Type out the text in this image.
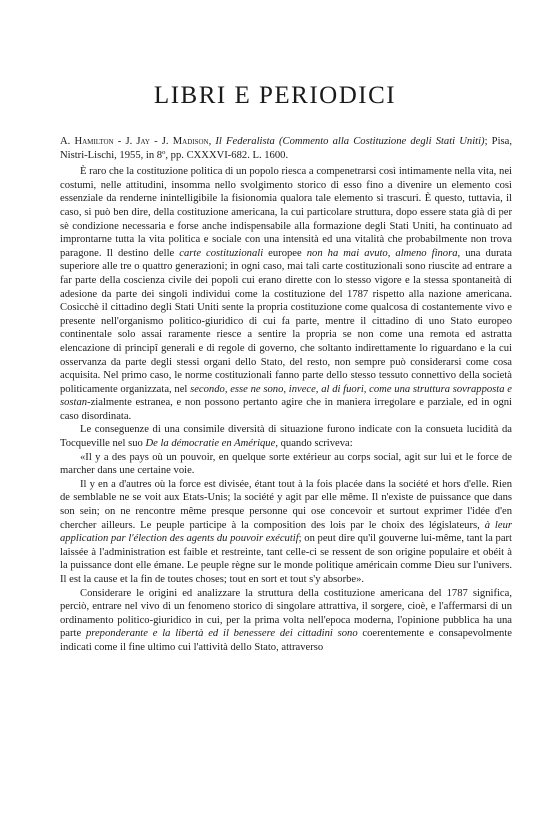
LIBRI E PERIODICI

A. Hamilton - J. Jay - J. Madison, Il Federalista (Commento alla Costituzione degli Stati Uniti); Pisa, Nistri-Lischi, 1955, in 8º, pp. CXXXVI-682. L. 1600.

È raro che la costituzione politica di un popolo riesca a compenetrarsi così intimamente nella vita, nei costumi, nelle attitudini, insomma nello svolgimento storico di esso fino a divenire un elemento così essenziale da renderne inintelligibile la fisionomia qualora tale elemento si trascuri. È questo, tuttavia, il caso, si può ben dire, della costituzione americana, la cui particolare struttura, dopo essere stata già di per sè condizione necessaria e forse anche indispensabile alla formazione degli Stati Uniti, ha continuato ad improntarne tutta la vita politica e sociale con una intensità ed una vitalità che probabilmente non trova paragone. Il destino delle carte costituzionali europee non ha mai avuto, almeno finora, una durata superiore alle tre o quattro generazioni; in ogni caso, mai tali carte costituzionali sono riuscite ad entrare a far parte della coscienza civile dei popoli cui erano dirette con lo stesso vigore e la stessa spontaneità di adesione da parte dei singoli individui come la costituzione del 1787 rispetto alla nazione americana. Cosicchè il cittadino degli Stati Uniti sente la propria costituzione come qualcosa di costantemente vivo e presente nell'organismo politico-giuridico di cui fa parte, mentre il cittadino di uno Stato europeo continentale solo assai raramente riesce a sentire la propria se non come una remota ed astratta elencazione di principî generali e di regole di governo, che soltanto indirettamente lo riguardano e la cui osservanza da parte degli stessi organi dello Stato, del resto, non sempre può considerarsi come cosa acquisita. Nel primo caso, le norme costituzionali fanno parte dello stesso tessuto connettivo della società politicamente organizzata, nel secondo, esse ne sono, invece, al di fuori, come una struttura sovrapposta e sostan-zialmente estranea, e non possono pertanto agire che in maniera irregolare e parziale, ed in ogni caso disordinata.

Le conseguenze di una consimile diversità di situazione furono indicate con la consueta lucidità da Tocqueville nel suo De la démocratie en Amérique, quando scriveva:

«Il y a des pays où un pouvoir, en quelque sorte extérieur au corps social, agit sur lui et le force de marcher dans une certaine voie.

Il y en a d'autres où la force est divisée, étant tout à la fois placée dans la société et hors d'elle. Rien de semblable ne se voit aux Etats-Unis; la société y agit par elle même. Il n'existe de puissance que dans son sein; on ne rencontre même presque personne qui ose concevoir et surtout exprimer l'idée d'en chercher ailleurs. Le peuple participe à la composition des lois par le choix des législateurs, à leur application par l'élection des agents du pouvoir exécutif; on peut dire qu'il gouverne lui-même, tant la part laissée à l'administration est faible et restreinte, tant celle-ci se ressent de son origine populaire et obéit à la puissance dont elle émane. Le peuple règne sur le monde politique américain comme Dieu sur l'univers. Il est la cause et la fin de toutes choses; tout en sort et tout s'y absorbe».

Considerare le origini ed analizzare la struttura della costituzione americana del 1787 significa, perciò, entrare nel vivo di un fenomeno storico di singolare attrattiva, il sorgere, cioè, e l'affermarsi di un ordinamento politico-giuridico in cui, per la prima volta nell'epoca moderna, l'opinione pubblica ha una parte preponderante e la libertà ed il benessere dei cittadini sono coerentemente e consapevolmente indicati come il fine ultimo cui l'attività dello Stato, attraverso
